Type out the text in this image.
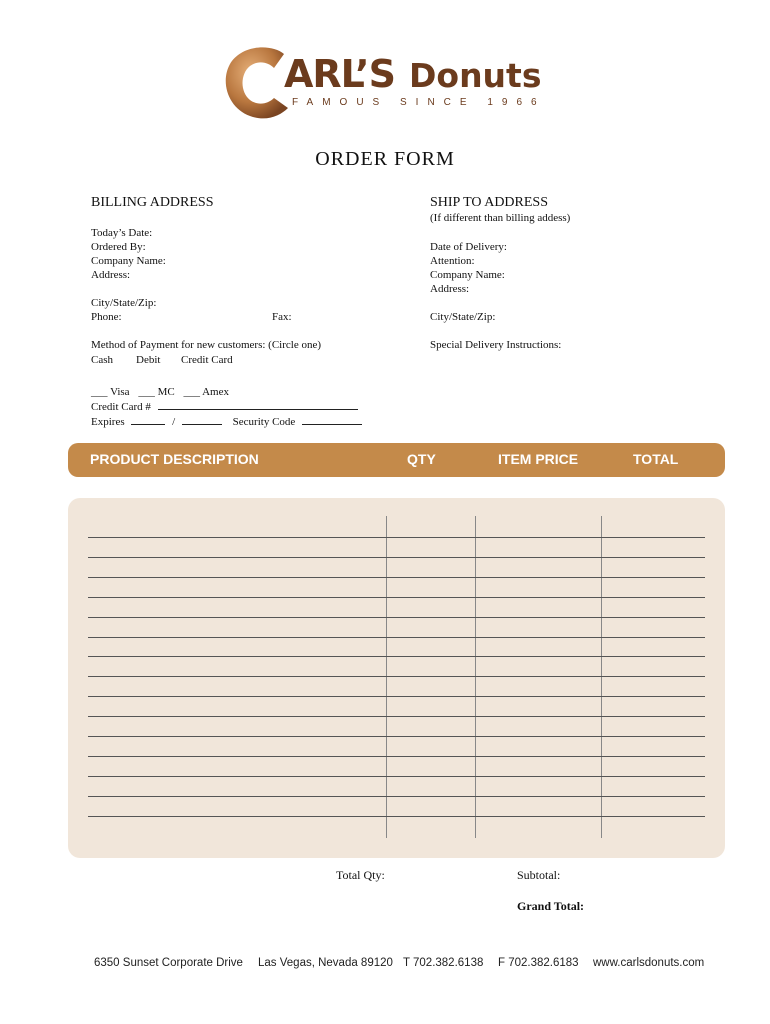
ARL’S Donuts
FAMOUS SINCE 1966
ORDER FORM
BILLING ADDRESS
Today’s Date:
Ordered By:
Company Name:
Address:
City/State/Zip:
Phone:	Fax:
Method of Payment for new customers: (Circle one)
Cash Debit Credit Card
___ Visa ___ MC ___ Amex
Credit Card #
Expires	/	Security Code
SHIP TO ADDRESS
(If different than billing addess)
Date of Delivery:
Attention:
Company Name:
Address:
City/State/Zip:
Special Delivery Instructions:
PRODUCT DESCRIPTION	QTY	ITEM PRICE	TOTAL
Total Qty:	Subtotal:
Grand Total:
6350 Sunset Corporate Drive Las Vegas, Nevada 89120 T 702.382.6138 F 702.382.6183 www.carlsdonuts.com
